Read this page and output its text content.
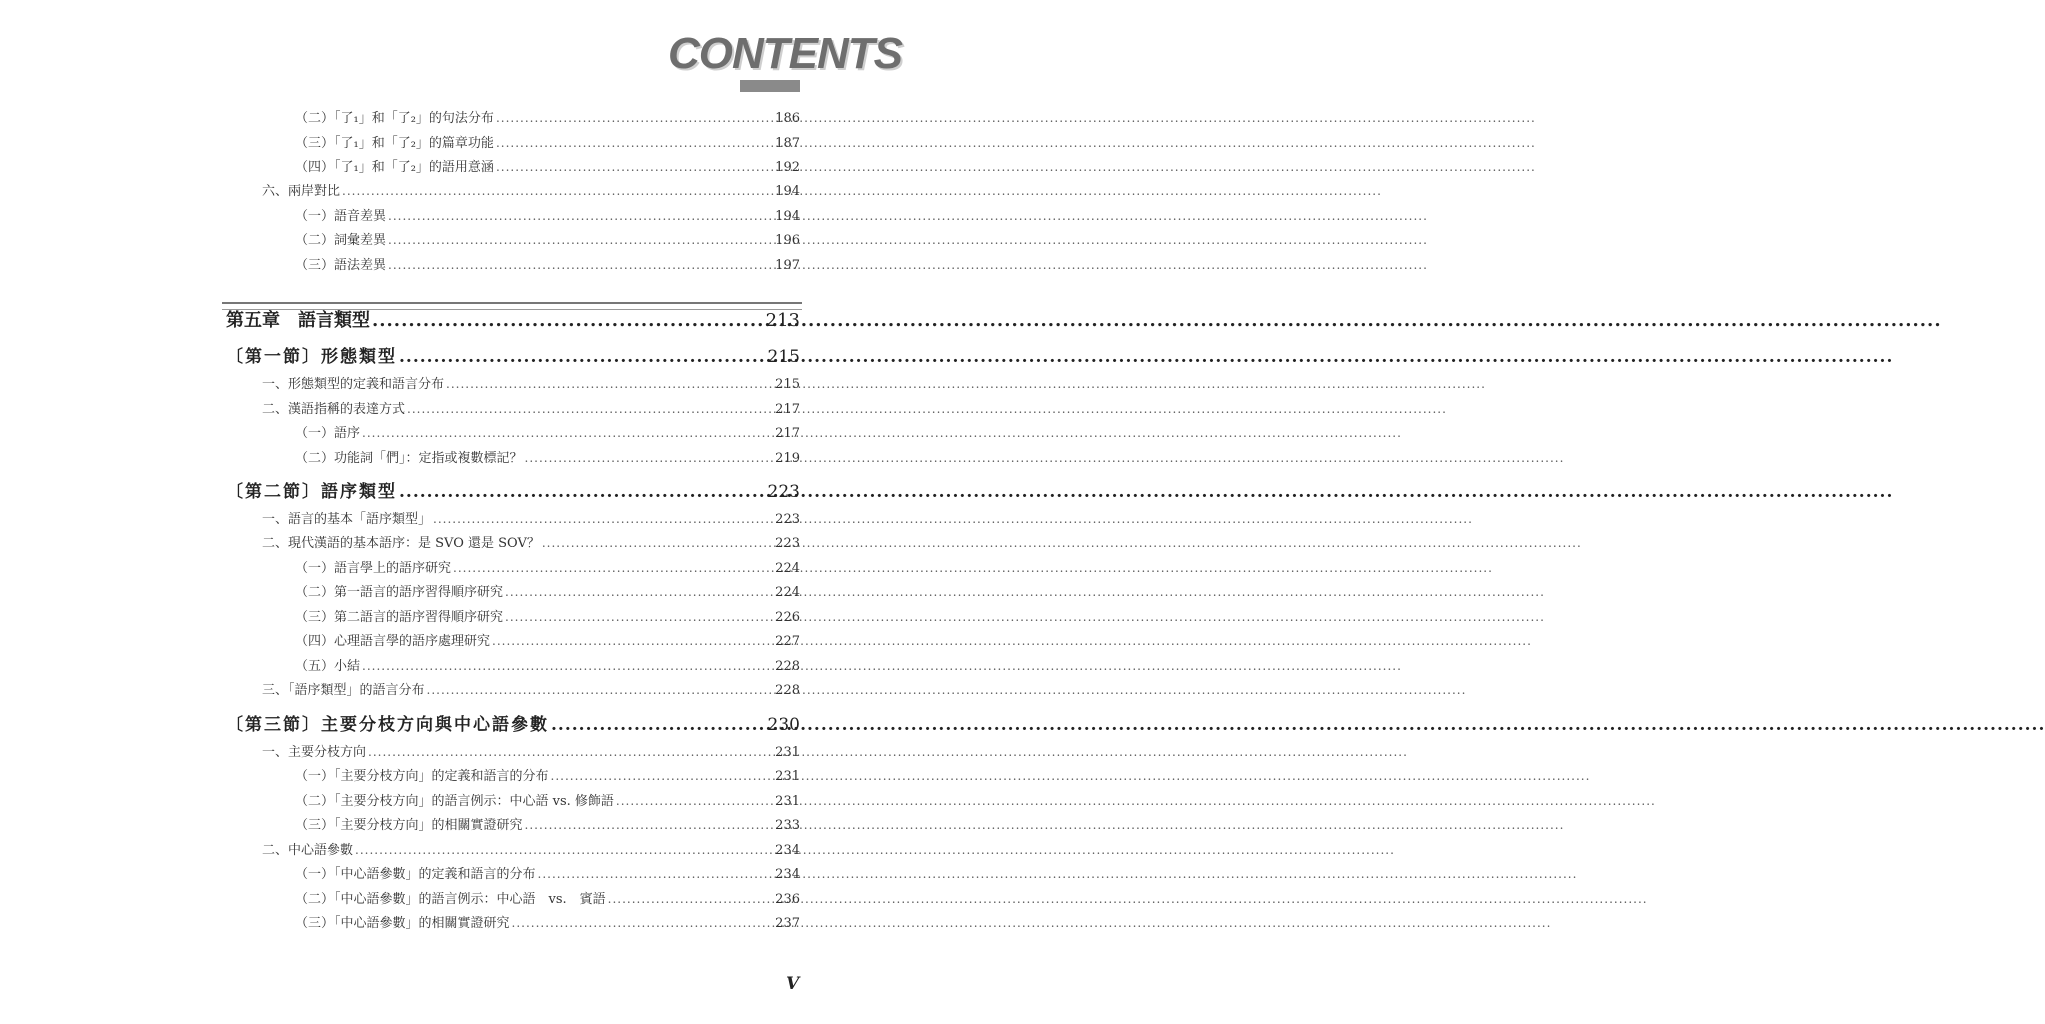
CONTENTS
（二）「了₁」和「了₂」的句法分布 .....	186
（三）「了₁」和「了₂」的篇章功能 .....	187
（四）「了₁」和「了₂」的語用意涵 .....	192
六、兩岸對比 .....	194
（一）語音差異 .....	194
（二）詞彙差異 .....	196
（三）語法差異 .....	197
第五章　語言類型 .....	213
〔第一節〕形態類型 .....	215
一、形態類型的定義和語言分布 .....	215
二、漢語指稱的表達方式 .....	217
（一）語序 .....	217
（二）功能詞「們」：定指或複數標記？ .....	219
〔第二節〕語序類型 .....	223
一、語言的基本「語序類型」 .....	223
二、現代漢語的基本語序：是 SVO 還是 SOV？ .....	223
（一）語言學上的語序研究 .....	224
（二）第一語言的語序習得順序研究 .....	224
（三）第二語言的語序習得順序研究 .....	226
（四）心理語言學的語序處理研究 .....	227
（五）小結 .....	228
三、「語序類型」的語言分布 .....	228
〔第三節〕主要分枝方向與中心語參數 .....	230
一、主要分枝方向 .....	231
（一）「主要分枝方向」的定義和語言的分布 .....	231
（二）「主要分枝方向」的語言例示：中心語 vs. 修飾語 .....	231
（三）「主要分枝方向」的相關實證研究 .....	233
二、中心語參數 .....	234
（一）「中心語參數」的定義和語言的分布 .....	234
（二）「中心語參數」的語言例示：中心語　vs.　賓語 .....	236
（三）「中心語參數」的相關實證研究 .....	237
V
